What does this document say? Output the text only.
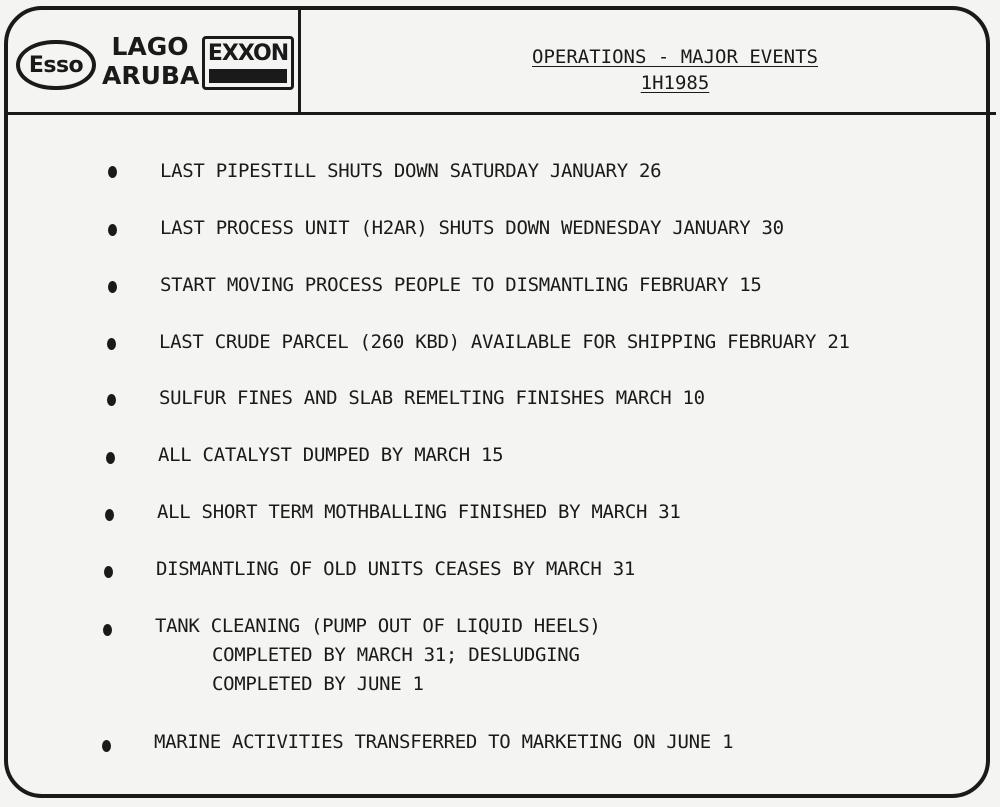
Esso
LAGO
ARUBA
EXXON	OPERATIONS - MAJOR EVENTS
1H1985
LAST PIPESTILL SHUTS DOWN SATURDAY JANUARY 26
LAST PROCESS UNIT (H2AR) SHUTS DOWN WEDNESDAY JANUARY 30
START MOVING PROCESS PEOPLE TO DISMANTLING FEBRUARY 15
LAST CRUDE PARCEL (260 KBD) AVAILABLE FOR SHIPPING FEBRUARY 21
SULFUR FINES AND SLAB REMELTING FINISHES MARCH 10
ALL CATALYST DUMPED BY MARCH 15
ALL SHORT TERM MOTHBALLING FINISHED BY MARCH 31
DISMANTLING OF OLD UNITS CEASES BY MARCH 31
TANK CLEANING (PUMP OUT OF LIQUID HEELS)
COMPLETED BY MARCH 31; DESLUDGING
COMPLETED BY JUNE 1
MARINE ACTIVITIES TRANSFERRED TO MARKETING ON JUNE 1
